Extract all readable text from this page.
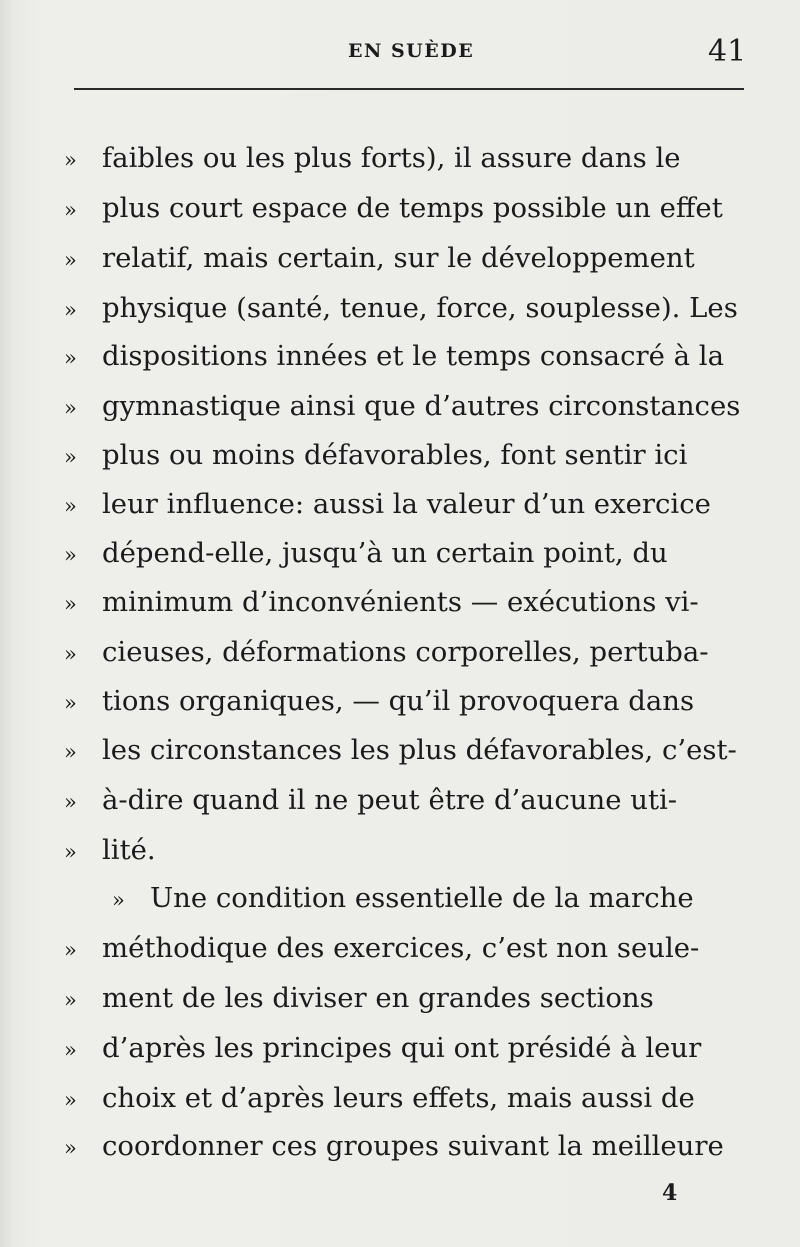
EN SUÈDE	41
» faibles ou les plus forts), il assure dans le
» plus court espace de temps possible un effet
» relatif, mais certain, sur le développement
» physique (santé, tenue, force, souplesse). Les
» dispositions innées et le temps consacré à la
» gymnastique ainsi que d’autres circonstances
» plus ou moins défavorables, font sentir ici
» leur influence: aussi la valeur d’un exercice
» dépend-elle, jusqu’à un certain point, du
» minimum d’inconvénients — exécutions vi-
» cieuses, déformations corporelles, pertuba-
» tions organiques, — qu’il provoquera dans
» les circonstances les plus défavorables, c’est-
» à-dire quand il ne peut être d’aucune uti-
» lité.
» Une condition essentielle de la marche
» méthodique des exercices, c’est non seule-
» ment de les diviser en grandes sections
» d’après les principes qui ont présidé à leur
» choix et d’après leurs effets, mais aussi de
» coordonner ces groupes suivant la meilleure
4
